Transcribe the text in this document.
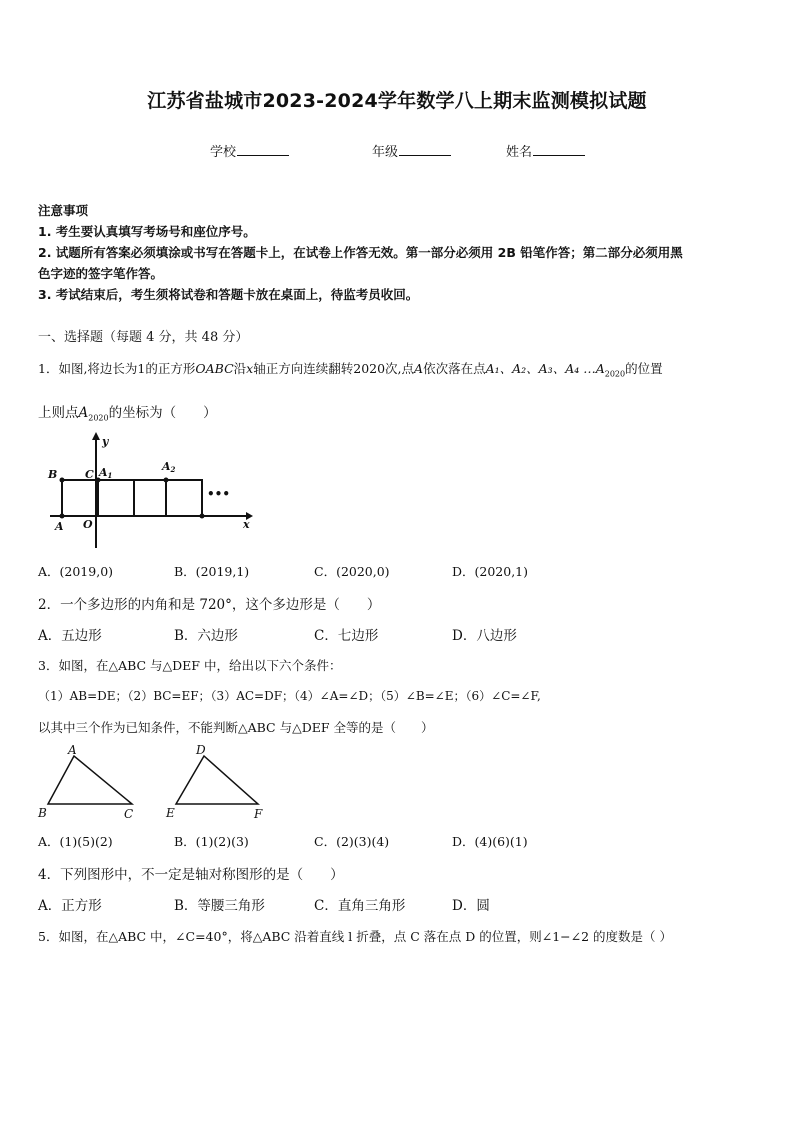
江苏省盐城市2023-2024学年数学八上期末监测模拟试题
学校	年级	姓名
注意事项
1. 考生要认真填写考场号和座位序号。
2. 试题所有答案必须填涂或书写在答题卡上，在试卷上作答无效。第一部分必须用 2B 铅笔作答；第二部分必须用黑
色字迹的签字笔作答。
3. 考试结束后，考生须将试卷和答题卡放在桌面上，待监考员收回。
一、选择题（每题 4 分，共 48 分）
1．如图,将边长为1的正方形OABC沿x轴正方向连续翻转2020次,点A依次落在点A₁、A₂、A₃、A₄ $\dots A_{2020}$的位置
上则点$A_{2020}$的坐标为（　　）
y
B	C A1
A2
A O	x
•••
A．(2019,0)	B．(2019,1)	C．(2020,0)	D．(2020,1)
2．一个多边形的内角和是 720°，这个多边形是（　　）
A．五边形	B．六边形	C．七边形	D．八边形
3．如图，在△ABC 与△DEF 中，给出以下六个条件：
（1）AB=DE；（2）BC=EF；（3）AC=DF；（4）∠A=∠D；（5）∠B=∠E；（6）∠C=∠F,
以其中三个作为已知条件，不能判断△ABC 与△DEF 全等的是（　　）
A
B	C
D
E	F
A．(1)(5)(2)	B．(1)(2)(3)	C．(2)(3)(4)	D．(4)(6)(1)
4．下列图形中，不一定是轴对称图形的是（　　）
A．正方形	B．等腰三角形	C．直角三角形	D．圆
5．如图，在△ABC 中，∠C=40°，将△ABC 沿着直线 l 折叠，点 C 落在点 D 的位置，则∠1−∠2 的度数是（ ）
